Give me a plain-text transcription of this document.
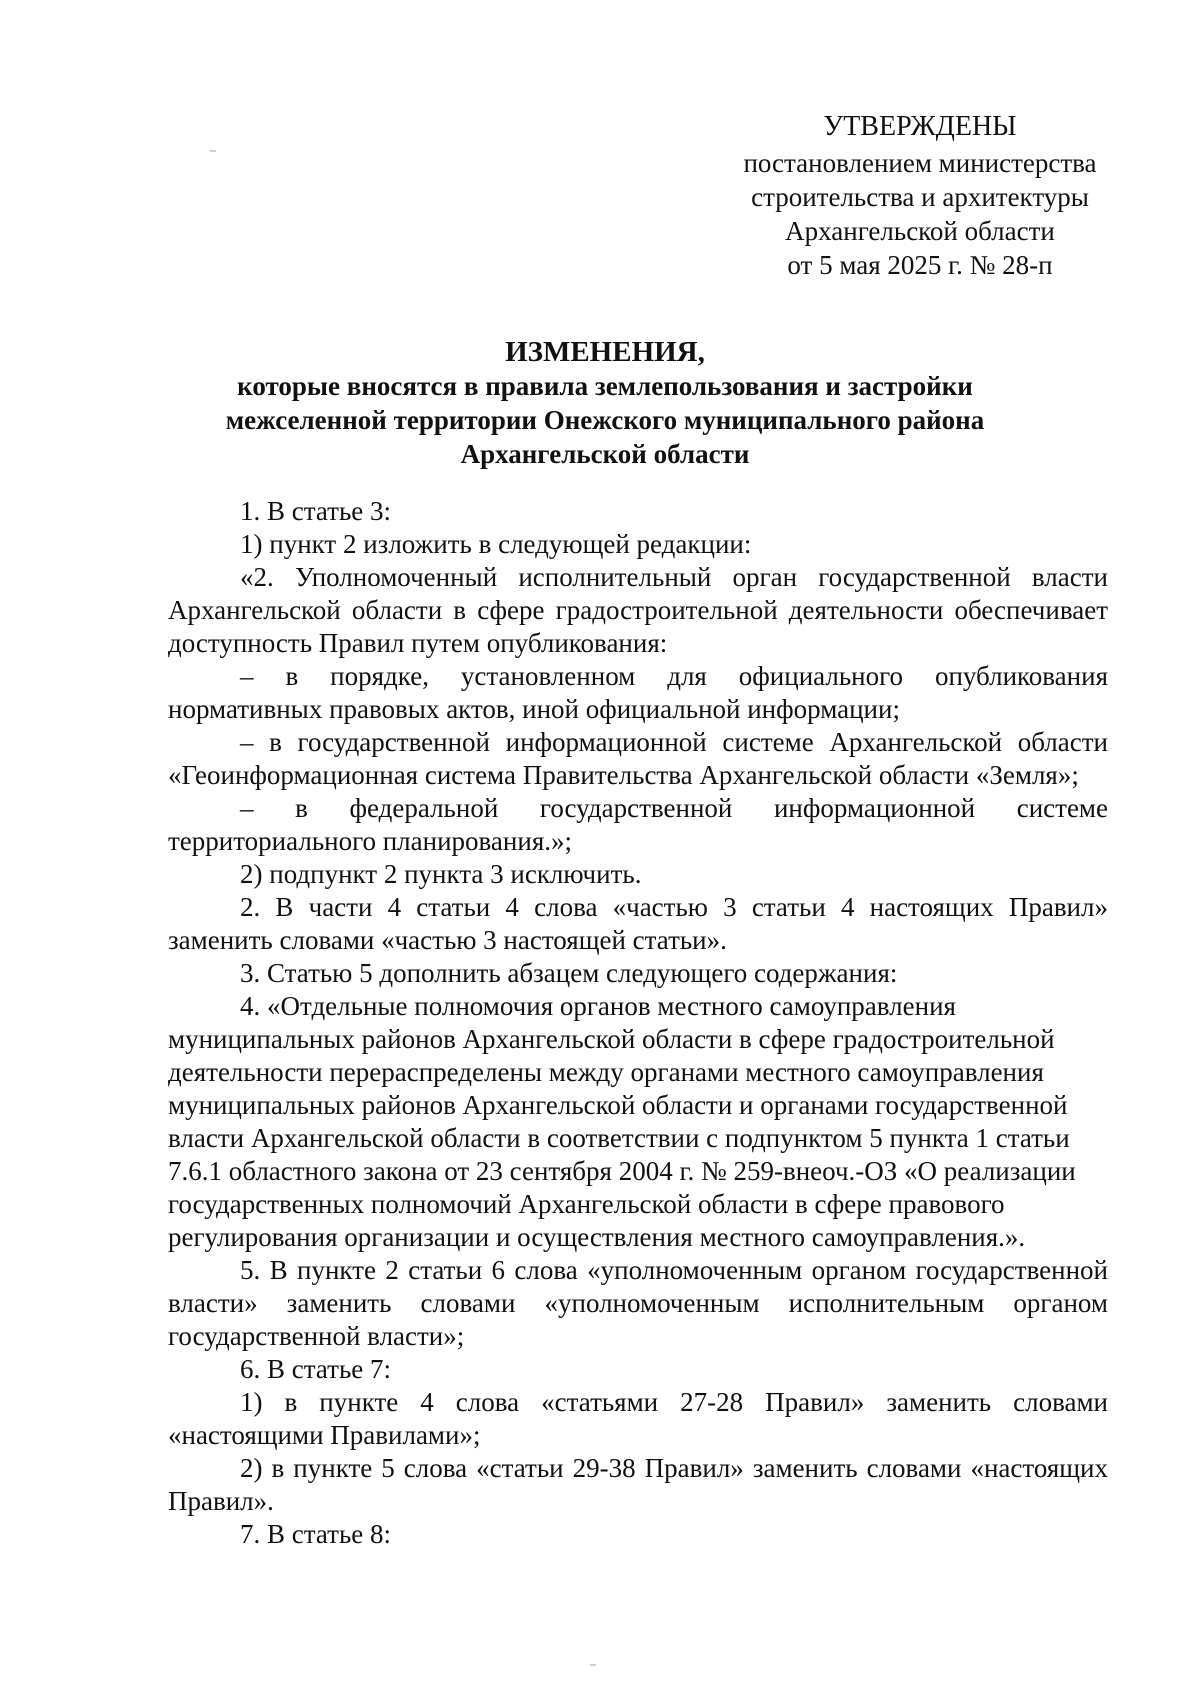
УТВЕРЖДЕНЫ
постановлением министерства
строительства и архитектуры
Архангельской области
от 5 мая 2025 г. № 28-п
ИЗМЕНЕНИЯ,
которые вносятся в правила землепользования и застройки
межселенной территории Онежского муниципального района
Архангельской области

1. В статье 3:

1) пункт 2 изложить в следующей редакции:

«2. Уполномоченный исполнительный орган государственной власти Архангельской области в сфере градостроительной деятельности обеспечивает доступность Правил путем опубликования:

– в порядке, установленном для официального опубликования нормативных правовых актов, иной официальной информации;

– в государственной информационной системе Архангельской области «Геоинформационная система Правительства Архангельской области «Земля»;

– в федеральной государственной информационной системе территориального планирования.»;

2) подпункт 2 пункта 3 исключить.

2. В части 4 статьи 4 слова «частью 3 статьи 4 настоящих Правил» заменить словами «частью 3 настоящей статьи».

3. Статью 5 дополнить абзацем следующего содержания:

4. «Отдельные полномочия органов местного самоуправления муниципальных районов Архангельской области в сфере градостроительной деятельности перераспределены между органами местного самоуправления муниципальных районов Архангельской области и органами государственной власти Архангельской области в соответствии с подпунктом 5 пункта 1 статьи 7.6.1 областного закона от 23 сентября 2004 г. № 259-внеоч.-ОЗ «О реализации государственных полномочий Архангельской области в сфере правового регулирования организации и осуществления местного самоуправления.».

5. В пункте 2 статьи 6 слова «уполномоченным органом государственной власти» заменить словами «уполномоченным исполнительным органом государственной власти»;

6. В статье 7:

1) в пункте 4 слова «статьями 27-28 Правил» заменить словами «настоящими Правилами»;

2) в пункте 5 слова «статьи 29-38 Правил» заменить словами «настоящих Правил».

7. В статье 8:
